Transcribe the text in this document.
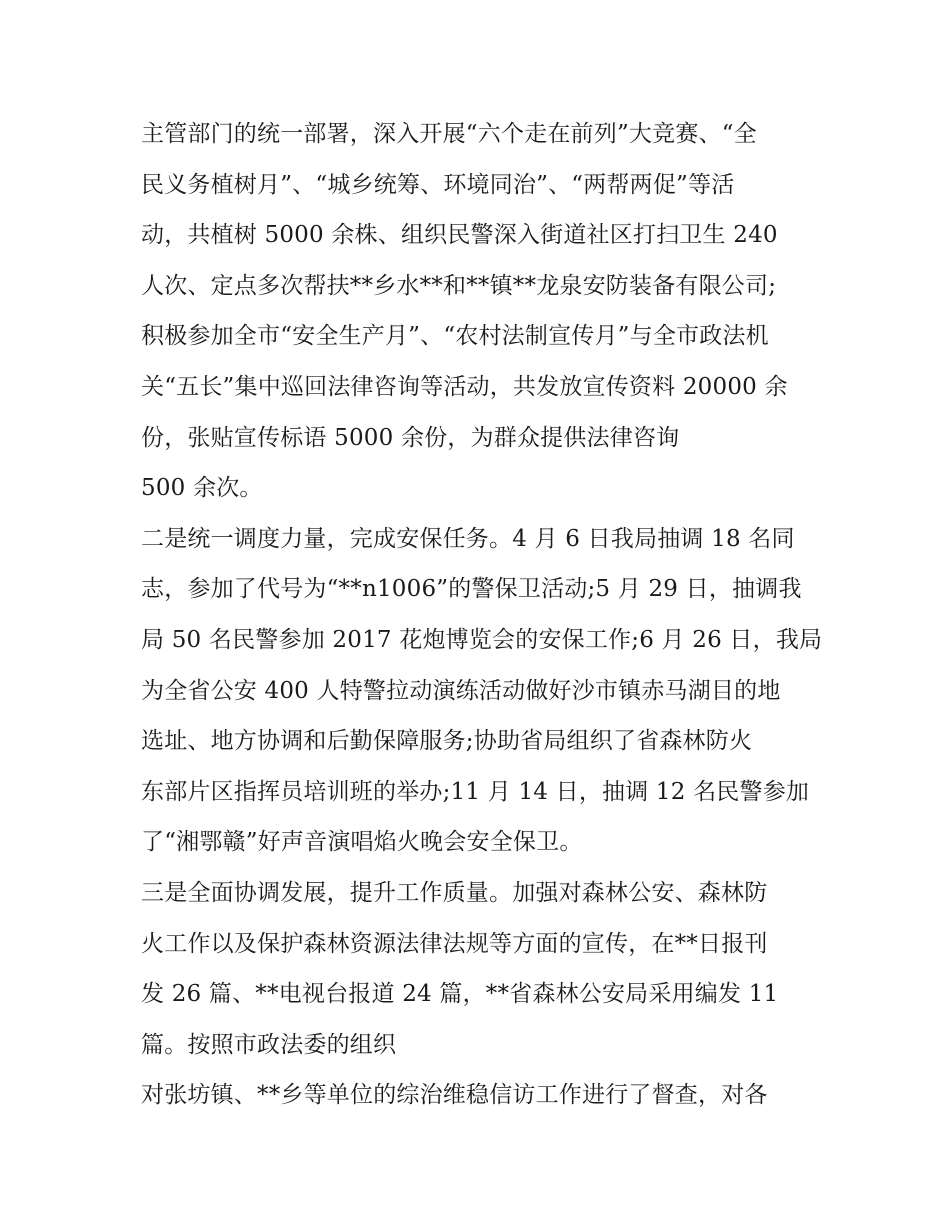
主管部门的统一部署，深入开展“六个走在前列”大竞赛、“全
民义务植树月”、“城乡统筹、环境同治”、“两帮两促”等活
动，共植树 5000 余株、组织民警深入街道社区打扫卫生 240
人次、定点多次帮扶**乡水**和**镇**龙泉安防装备有限公司;
积极参加全市“安全生产月”、“农村法制宣传月”与全市政法机
关“五长”集中巡回法律咨询等活动，共发放宣传资料 20000 余
份，张贴宣传标语 5000 余份，为群众提供法律咨询
500 余次。
二是统一调度力量，完成安保任务。4 月 6 日我局抽调 18 名同
志，参加了代号为“**n1006”的警保卫活动;5 月 29 日，抽调我
局 50 名民警参加 2017 花炮博览会的安保工作;6 月 26 日，我局
为全省公安 400 人特警拉动演练活动做好沙市镇赤马湖目的地
选址、地方协调和后勤保障服务;协助省局组织了省森林防火
东部片区指挥员培训班的举办;11 月 14 日，抽调 12 名民警参加
了“湘鄂赣”好声音演唱焰火晚会安全保卫。
三是全面协调发展，提升工作质量。加强对森林公安、森林防
火工作以及保护森林资源法律法规等方面的宣传，在**日报刊
发 26 篇、**电视台报道 24 篇，**省森林公安局采用编发 11
篇。按照市政法委的组织
对张坊镇、**乡等单位的综治维稳信访工作进行了督查，对各
